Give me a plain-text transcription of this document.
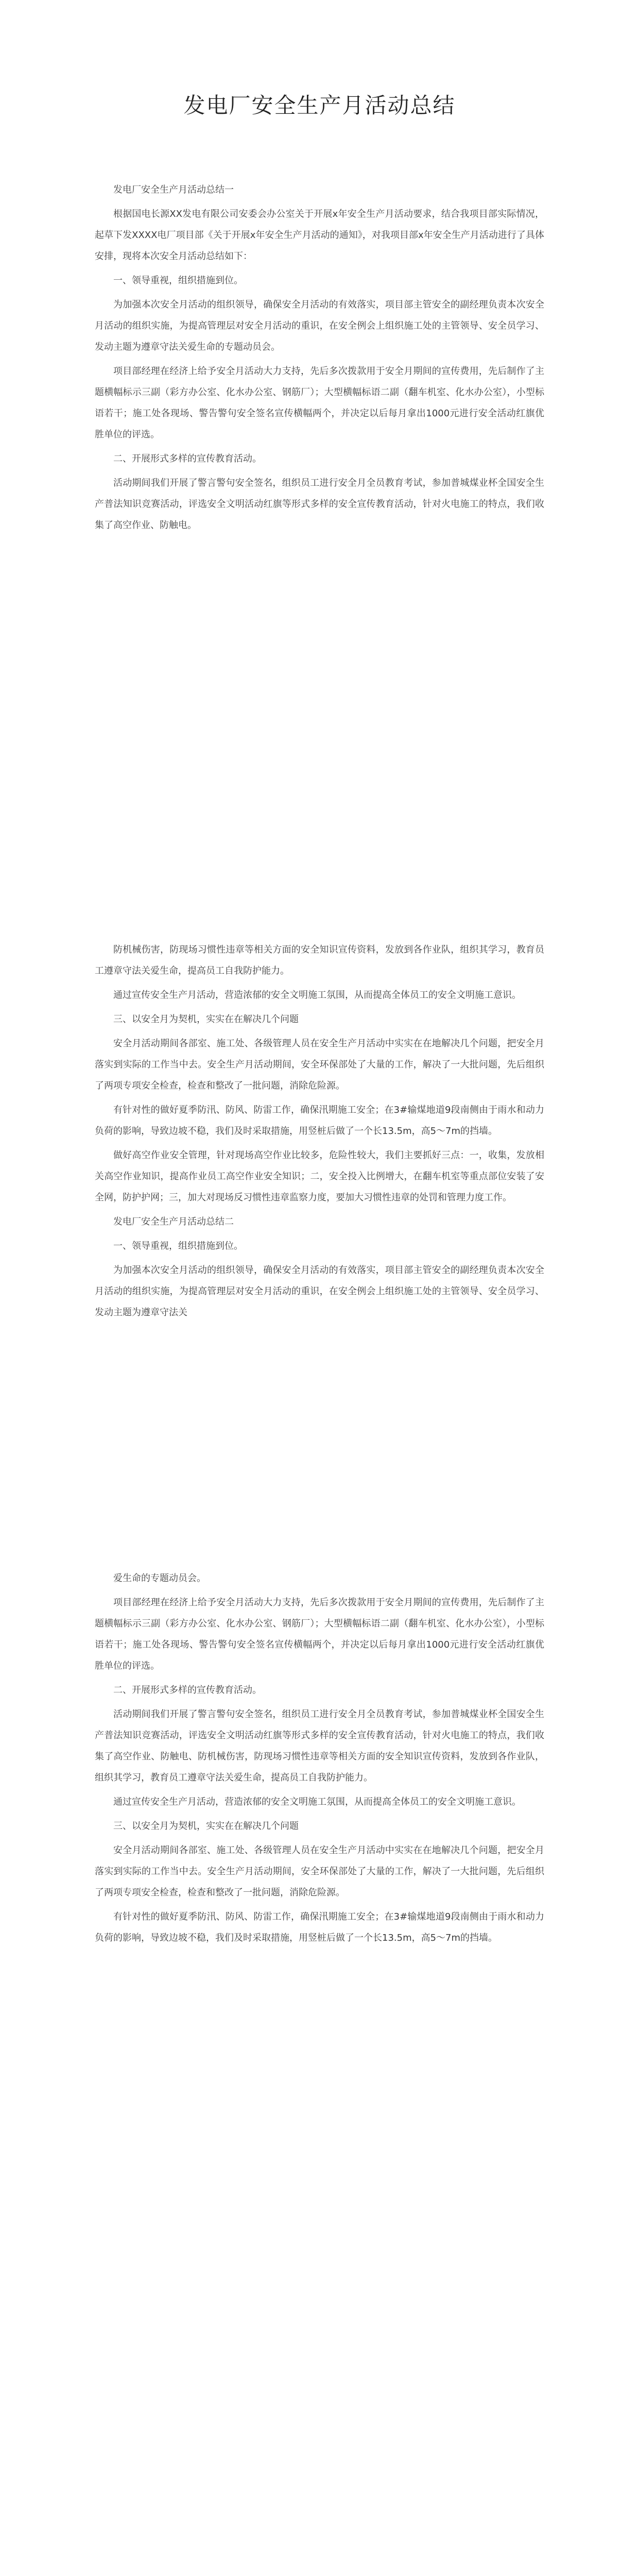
发电厂安全生产月活动总结

发电厂安全生产月活动总结一

根据国电长源XX发电有限公司安委会办公室关于开展x年安全生产月活动要求，结合我项目部实际情况，起草下发XXXX电厂项目部《关于开展x年安全生产月活动的通知》，对我项目部x年安全生产月活动进行了具体安排，现将本次安全月活动总结如下：

一、领导重视，组织措施到位。

为加强本次安全月活动的组织领导，确保安全月活动的有效落实，项目部主管安全的副经理负责本次安全月活动的组织实施，为提高管理层对安全月活动的重识，在安全例会上组织施工处的主管领导、安全员学习、发动主题为遵章守法关爱生命的专题动员会。

项目部经理在经济上给予安全月活动大力支持，先后多次拨款用于安全月期间的宣传费用，先后制作了主题横幅标示三副（彩方办公室、化水办公室、钢筋厂）；大型横幅标语二副（翻车机室、化水办公室），小型标语若干；施工处各现场、警告警句安全签名宣传横幅两个，并决定以后每月拿出1000元进行安全活动红旗优胜单位的评选。

二、开展形式多样的宣传教育活动。

活动期间我们开展了警言警句安全签名，组织员工进行安全月全员教育考试，参加普城煤业杯全国安全生产普法知识竞赛活动，评选安全文明活动红旗等形式多样的安全宣传教育活动，针对火电施工的特点，我们收集了高空作业、防触电。

防机械伤害，防现场习惯性违章等相关方面的安全知识宣传资料，发放到各作业队，组织其学习，教育员工遵章守法关爱生命，提高员工自我防护能力。

通过宣传安全生产月活动，营造浓郁的安全文明施工氛围，从而提高全体员工的安全文明施工意识。

三、以安全月为契机，实实在在解决几个问题

安全月活动期间各部室、施工处、各级管理人员在安全生产月活动中实实在在地解决几个问题，把安全月落实到实际的工作当中去。安全生产月活动期间，安全环保部处了大量的工作，解决了一大批问题，先后组织了两项专项安全检查，检查和整改了一批问题，消除危险源。

有针对性的做好夏季防汛、防风、防雷工作，确保汛期施工安全；在3#输煤地道9段南侧由于雨水和动力负荷的影响，导致边坡不稳，我们及时采取措施，用竖桩后做了一个长13.5m，高5～7m的挡墙。

做好高空作业安全管理，针对现场高空作业比较多，危险性较大，我们主要抓好三点：一，收集，发放相关高空作业知识，提高作业员工高空作业安全知识；二，安全投入比例增大，在翻车机室等重点部位安装了安全网，防护护网；三，加大对现场反习惯性违章监察力度，要加大习惯性违章的处罚和管理力度工作。

发电厂安全生产月活动总结二

一、领导重视，组织措施到位。

为加强本次安全月活动的组织领导，确保安全月活动的有效落实，项目部主管安全的副经理负责本次安全月活动的组织实施，为提高管理层对安全月活动的重识，在安全例会上组织施工处的主管领导、安全员学习、发动主题为遵章守法关

爱生命的专题动员会。

项目部经理在经济上给予安全月活动大力支持，先后多次拨款用于安全月期间的宣传费用，先后制作了主题横幅标示三副（彩方办公室、化水办公室、钢筋厂）；大型横幅标语二副（翻车机室、化水办公室），小型标语若干；施工处各现场、警告警句安全签名宣传横幅两个，并决定以后每月拿出1000元进行安全活动红旗优胜单位的评选。

二、开展形式多样的宣传教育活动。

活动期间我们开展了警言警句安全签名，组织员工进行安全月全员教育考试，参加普城煤业杯全国安全生产普法知识竞赛活动，评选安全文明活动红旗等形式多样的安全宣传教育活动，针对火电施工的特点，我们收集了高空作业、防触电、防机械伤害，防现场习惯性违章等相关方面的安全知识宣传资料，发放到各作业队，组织其学习，教育员工遵章守法关爱生命，提高员工自我防护能力。

通过宣传安全生产月活动，营造浓郁的安全文明施工氛围，从而提高全体员工的安全文明施工意识。

三、以安全月为契机，实实在在解决几个问题

安全月活动期间各部室、施工处、各级管理人员在安全生产月活动中实实在在地解决几个问题，把安全月落实到实际的工作当中去。安全生产月活动期间，安全环保部处了大量的工作，解决了一大批问题，先后组织了两项专项安全检查，检查和整改了一批问题，消除危险源。

有针对性的做好夏季防汛、防风、防雷工作，确保汛期施工安全；在3#输煤地道9段南侧由于雨水和动力负荷的影响，导致边坡不稳，我们及时采取措施，用竖桩后做了一个长13.5m，高5～7m的挡墙。
